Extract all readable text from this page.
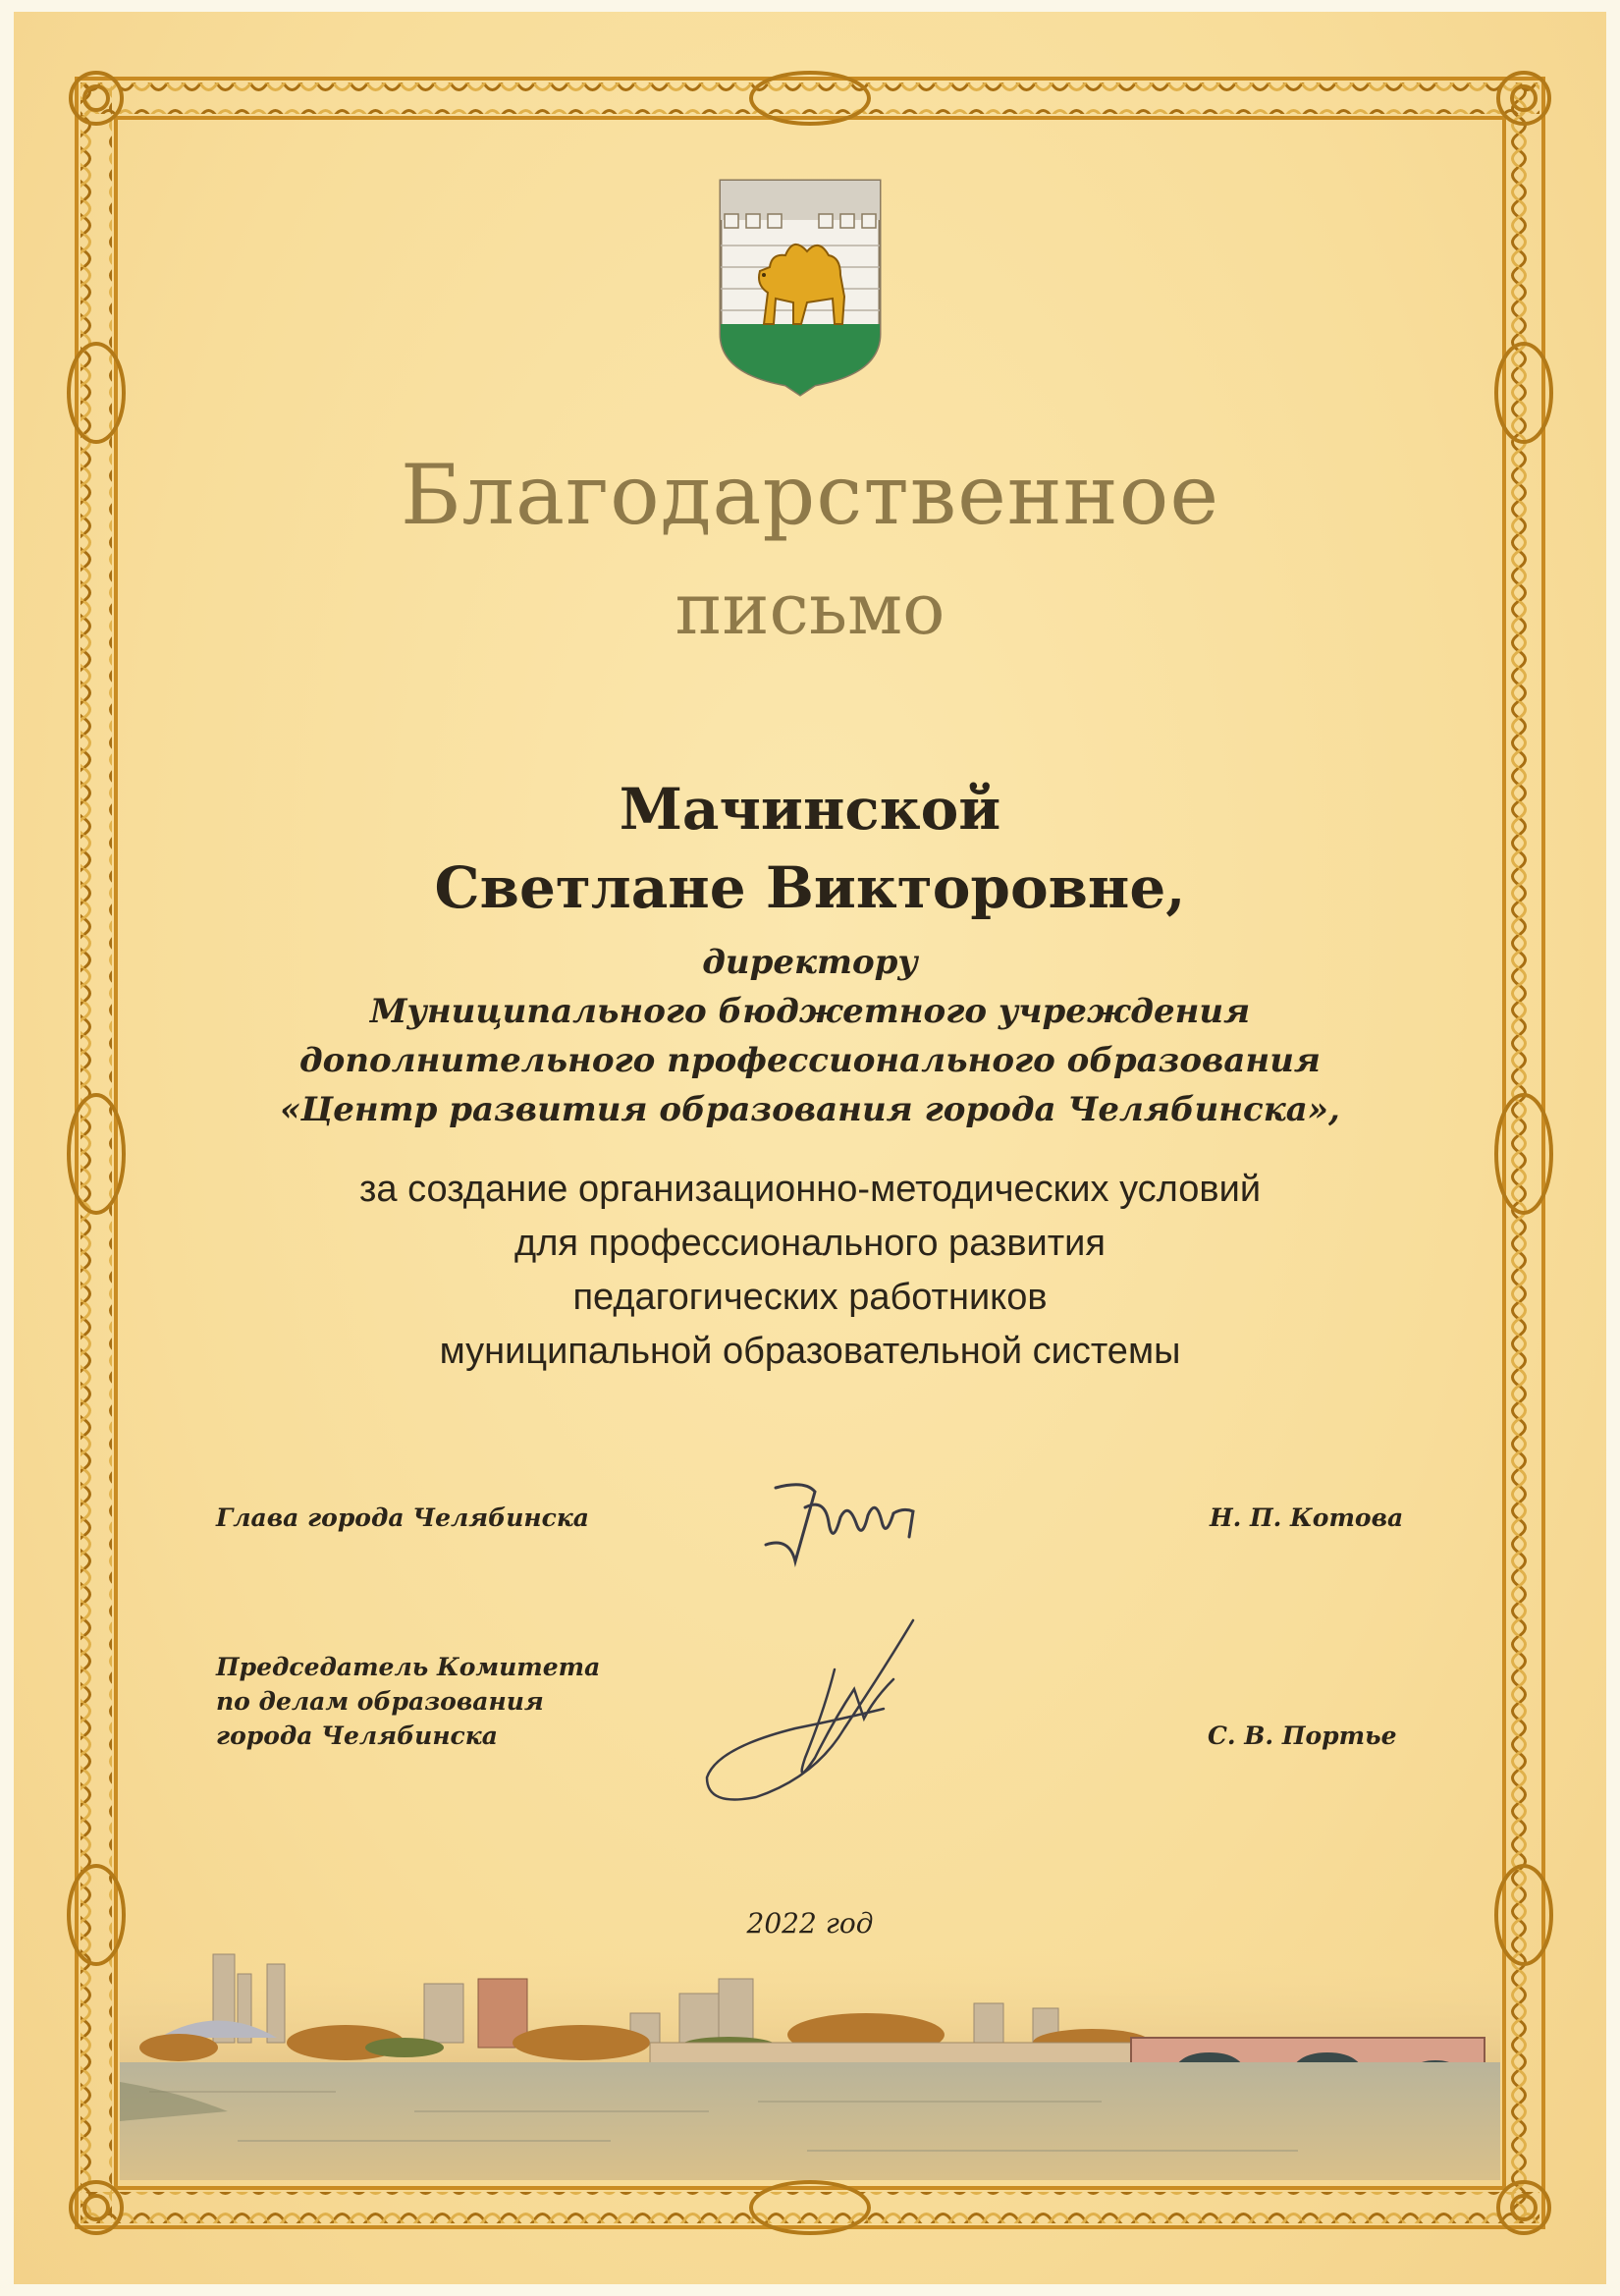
Благодарственное
письмо
Мачинской
Светлане Викторовне,
директору
Муниципального бюджетного учреждения
дополнительного профессионального образования
«Центр развития образования города Челябинска»,
за создание организационно-методических условий
для профессионального развития
педагогических работников
муниципальной образовательной системы
Глава города Челябинска	Н. П. Котова
Председатель Комитета
по делам образования
города Челябинска	С. В. Портье
2022 год
